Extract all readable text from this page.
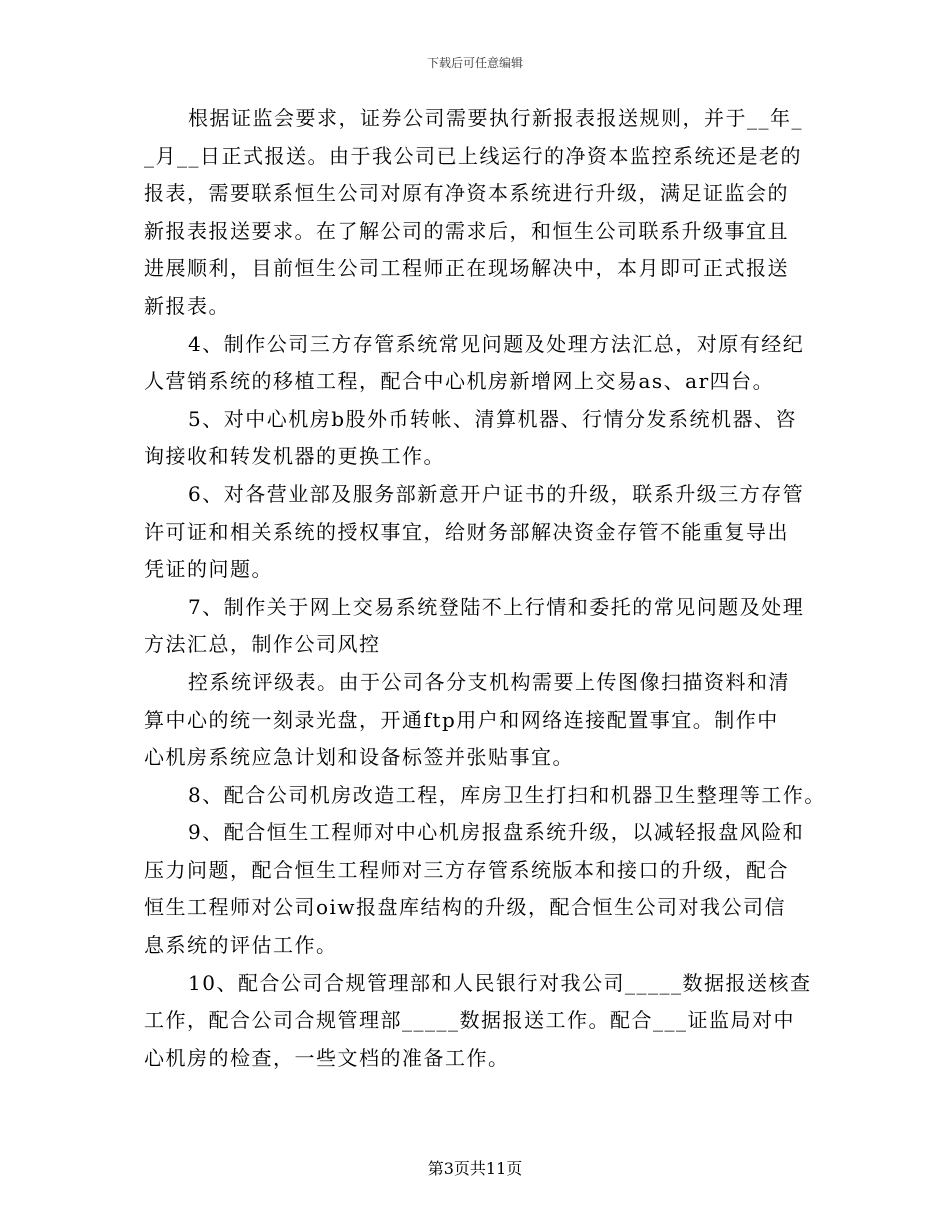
下载后可任意编辑
根据证监会要求，证券公司需要执行新报表报送规则，并于__年_
_月__日正式报送。由于我公司已上线运行的净资本监控系统还是老的
报表，需要联系恒生公司对原有净资本系统进行升级，满足证监会的
新报表报送要求。在了解公司的需求后，和恒生公司联系升级事宜且
进展顺利，目前恒生公司工程师正在现场解决中，本月即可正式报送
新报表。
4、制作公司三方存管系统常见问题及处理方法汇总，对原有经纪
人营销系统的移植工程，配合中心机房新增网上交易as、ar四台。
5、对中心机房b股外币转帐、清算机器、行情分发系统机器、咨
询接收和转发机器的更换工作。
6、对各营业部及服务部新意开户证书的升级，联系升级三方存管
许可证和相关系统的授权事宜，给财务部解决资金存管不能重复导出
凭证的问题。
7、制作关于网上交易系统登陆不上行情和委托的常见问题及处理
方法汇总，制作公司风控
控系统评级表。由于公司各分支机构需要上传图像扫描资料和清
算中心的统一刻录光盘，开通ftp用户和网络连接配置事宜。制作中
心机房系统应急计划和设备标签并张贴事宜。
8、配合公司机房改造工程，库房卫生打扫和机器卫生整理等工作。
9、配合恒生工程师对中心机房报盘系统升级，以减轻报盘风险和
压力问题，配合恒生工程师对三方存管系统版本和接口的升级，配合
恒生工程师对公司oiw报盘库结构的升级，配合恒生公司对我公司信
息系统的评估工作。
10、配合公司合规管理部和人民银行对我公司_____数据报送核查
工作，配合公司合规管理部_____数据报送工作。配合___证监局对中
心机房的检查，一些文档的准备工作。
第3页共11页
